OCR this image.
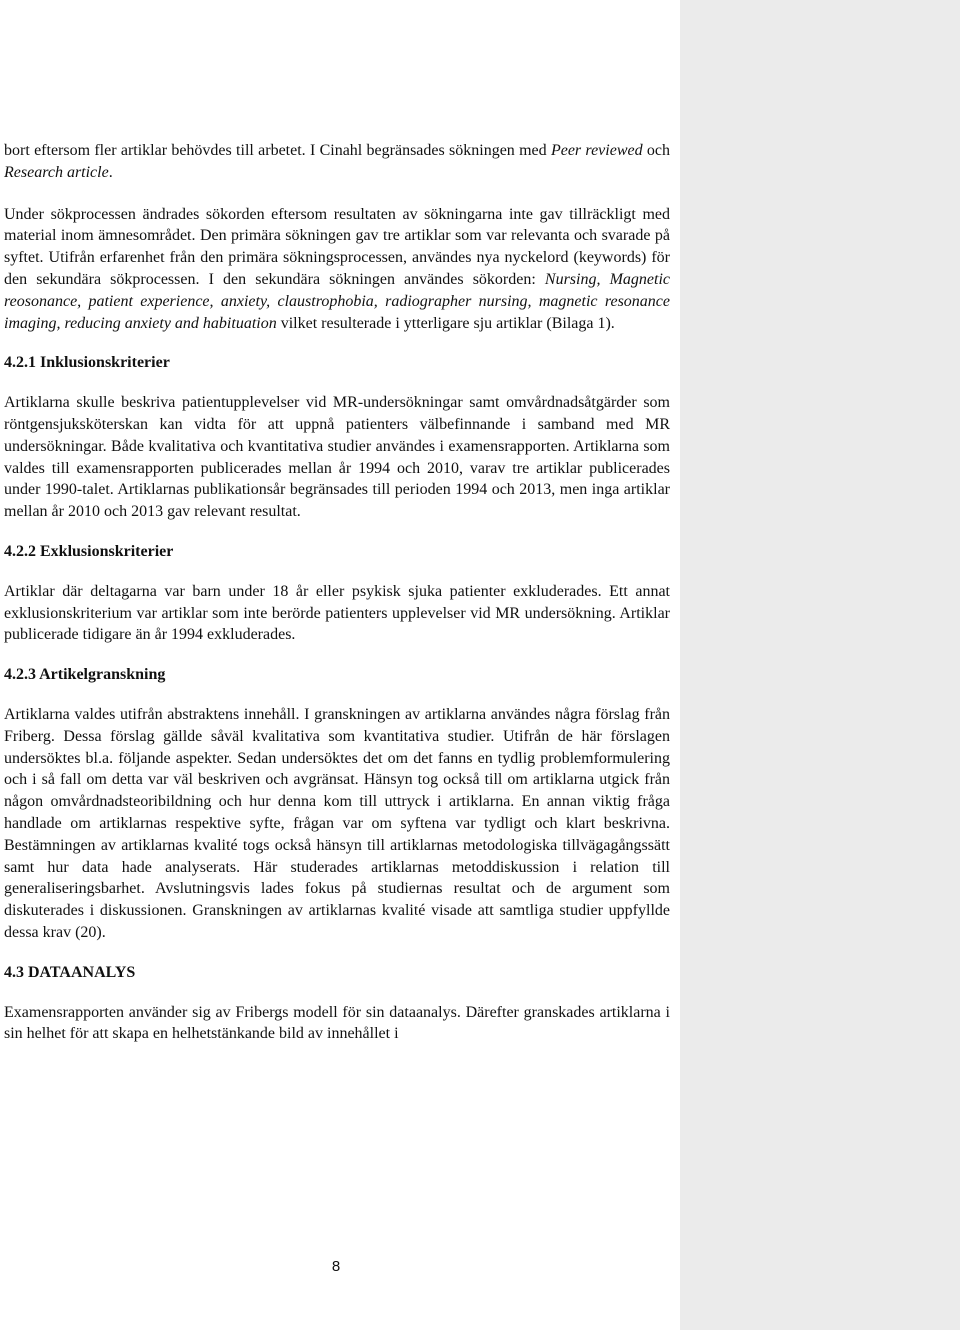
bort eftersom fler artiklar behövdes till arbetet. I Cinahl begränsades sökningen med Peer reviewed och Research article.

Under sökprocessen ändrades sökorden eftersom resultaten av sökningarna inte gav tillräckligt med material inom ämnesområdet. Den primära sökningen gav tre artiklar som var relevanta och svarade på syftet. Utifrån erfarenhet från den primära sökningsprocessen, användes nya nyckelord (keywords) för den sekundära sökprocessen. I den sekundära sökningen användes sökorden: Nursing, Magnetic reosonance, patient experience, anxiety, claustrophobia, radiographer nursing, magnetic resonance imaging, reducing anxiety and habituation vilket resulterade i ytterligare sju artiklar (Bilaga 1).

4.2.1 Inklusionskriterier

Artiklarna skulle beskriva patientupplevelser vid MR-undersökningar samt omvårdnadsåtgärder som röntgensjuksköterskan kan vidta för att uppnå patienters välbefinnande i samband med MR undersökningar. Både kvalitativa och kvantitativa studier användes i examensrapporten. Artiklarna som valdes till examensrapporten publicerades mellan år 1994 och 2010, varav tre artiklar publicerades under 1990-talet. Artiklarnas publikationsår begränsades till perioden 1994 och 2013, men inga artiklar mellan år 2010 och 2013 gav relevant resultat.

4.2.2 Exklusionskriterier

Artiklar där deltagarna var barn under 18 år eller psykisk sjuka patienter exkluderades. Ett annat exklusionskriterium var artiklar som inte berörde patienters upplevelser vid MR undersökning. Artiklar publicerade tidigare än år 1994 exkluderades.

4.2.3 Artikelgranskning

Artiklarna valdes utifrån abstraktens innehåll. I granskningen av artiklarna användes några förslag från Friberg. Dessa förslag gällde såväl kvalitativa som kvantitativa studier. Utifrån de här förslagen undersöktes bl.a. följande aspekter. Sedan undersöktes det om det fanns en tydlig problemformulering och i så fall om detta var väl beskriven och avgränsat. Hänsyn tog också till om artiklarna utgick från någon omvårdnadsteoribildning och hur denna kom till uttryck i artiklarna. En annan viktig fråga handlade om artiklarnas respektive syfte, frågan var om syftena var tydligt och klart beskrivna. Bestämningen av artiklarnas kvalité togs också hänsyn till artiklarnas metodologiska tillvägagångssätt samt hur data hade analyserats. Här studerades artiklarnas metoddiskussion i relation till generaliseringsbarhet. Avslutningsvis lades fokus på studiernas resultat och de argument som diskuterades i diskussionen. Granskningen av artiklarnas kvalité visade att samtliga studier uppfyllde dessa krav (20).

4.3 DATAANALYS

Examensrapporten använder sig av Fribergs modell för sin dataanalys. Därefter granskades artiklarna i sin helhet för att skapa en helhetstänkande bild av innehållet i

8
